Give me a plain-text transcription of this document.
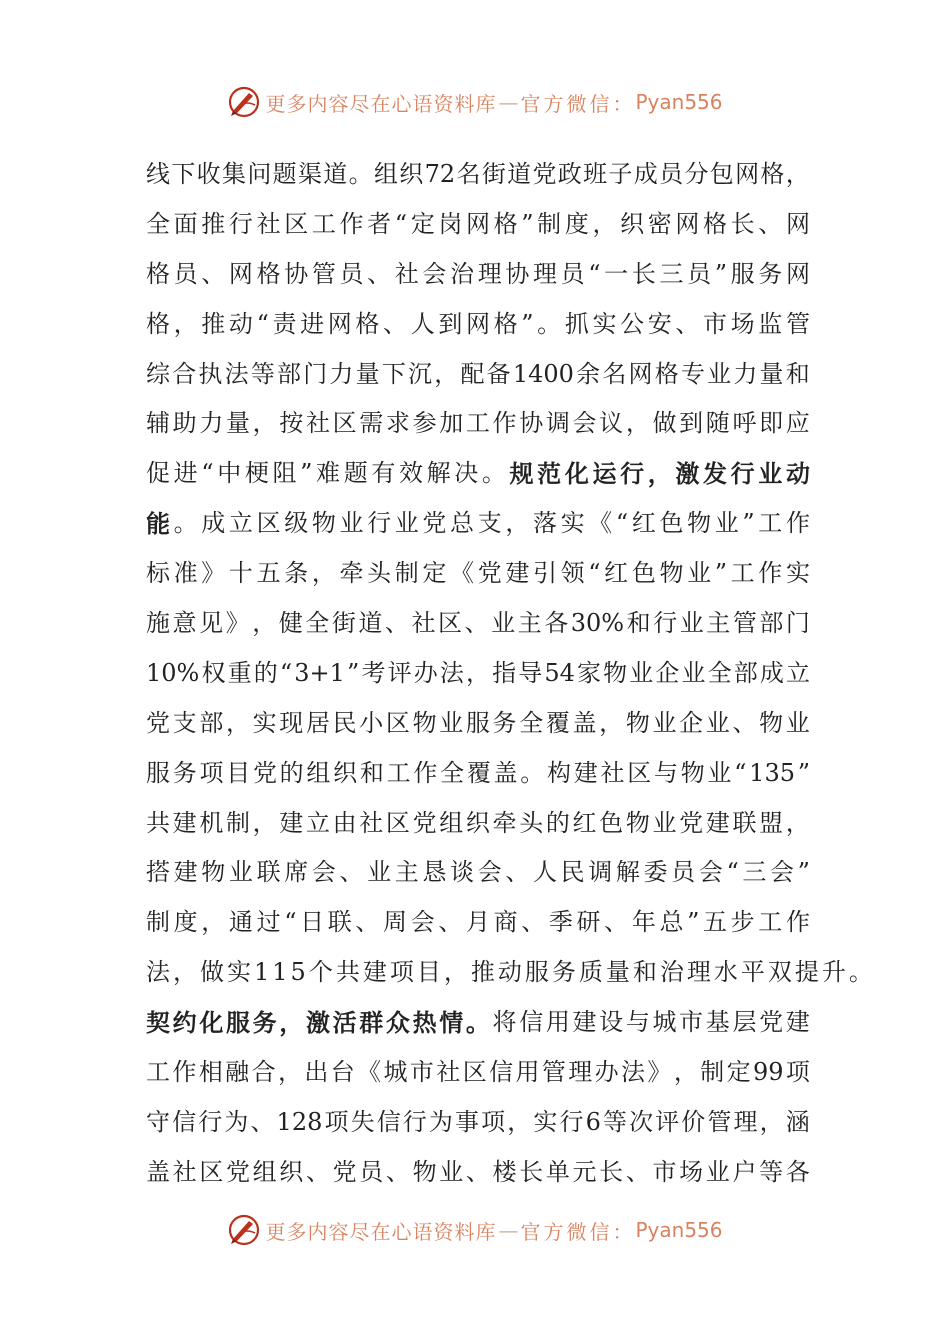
更多内容尽在心语资料库 — 官方微信： Pyan556
线 下 收 集 问 题 渠 道 。 组 织 72 名 街 道 党 政 班 子 成 员 分 包 网 格 ，
全 面 推 行 社 区 工 作 者 “ 定 岗 网 格 ” 制 度 ， 织 密 网 格 长 、 网
格 员 、 网 格 协 管 员 、 社 会 治 理 协 理 员 “ 一 长 三 员 ” 服 务 网
格 ， 推 动 “ 责 进 网 格 、 人 到 网 格 ” 。 抓 实 公 安 、 市 场 监 管
综 合 执 法 等 部 门 力 量 下 沉 ， 配 备 1400 余 名 网 格 专 业 力 量 和
辅 助 力 量 ， 按 社 区 需 求 参 加 工 作 协 调 会 议 ， 做 到 随 呼 即 应
促 进 “ 中 梗 阻 ” 难 题 有 效 解 决 。 规 范 化 运 行 ， 激 发 行 业 动
能 。 成 立 区 级 物 业 行 业 党 总 支 ， 落 实 《 “ 红 色 物 业 ” 工 作
标 准 》 十 五 条 ， 牵 头 制 定 《 党 建 引 领 “ 红 色 物 业 ” 工 作 实
施 意 见 》 ， 健 全 街 道 、 社 区 、 业 主 各 30% 和 行 业 主 管 部 门
10% 权 重 的 “ 3+1 ” 考 评 办 法 ， 指 导 54 家 物 业 企 业 全 部 成 立
党 支 部 ， 实 现 居 民 小 区 物 业 服 务 全 覆 盖 ， 物 业 企 业 、 物 业
服 务 项 目 党 的 组 织 和 工 作 全 覆 盖 。 构 建 社 区 与 物 业 “ 135 ”
共 建 机 制 ， 建 立 由 社 区 党 组 织 牵 头 的 红 色 物 业 党 建 联 盟 ，
搭 建 物 业 联 席 会 、 业 主 恳 谈 会 、 人 民 调 解 委 员 会 “ 三 会 ”
制 度 ， 通 过 “ 日 联 、 周 会 、 月 商 、 季 研 、 年 总 ” 五 步 工 作
法 ， 做 实 115 个 共 建 项 目 ， 推 动 服 务 质 量 和 治 理 水 平 双 提 升 。
契 约 化 服 务 ， 激 活 群 众 热 情 。 将 信 用 建 设 与 城 市 基 层 党 建
工 作 相 融 合 ， 出 台 《 城 市 社 区 信 用 管 理 办 法 》 ， 制 定 99 项
守 信 行 为 、 128 项 失 信 行 为 事 项 ， 实 行 6 等 次 评 价 管 理 ， 涵
盖 社 区 党 组 织 、 党 员 、 物 业 、 楼 长 单 元 长 、 市 场 业 户 等 各
更多内容尽在心语资料库 — 官方微信： Pyan556
